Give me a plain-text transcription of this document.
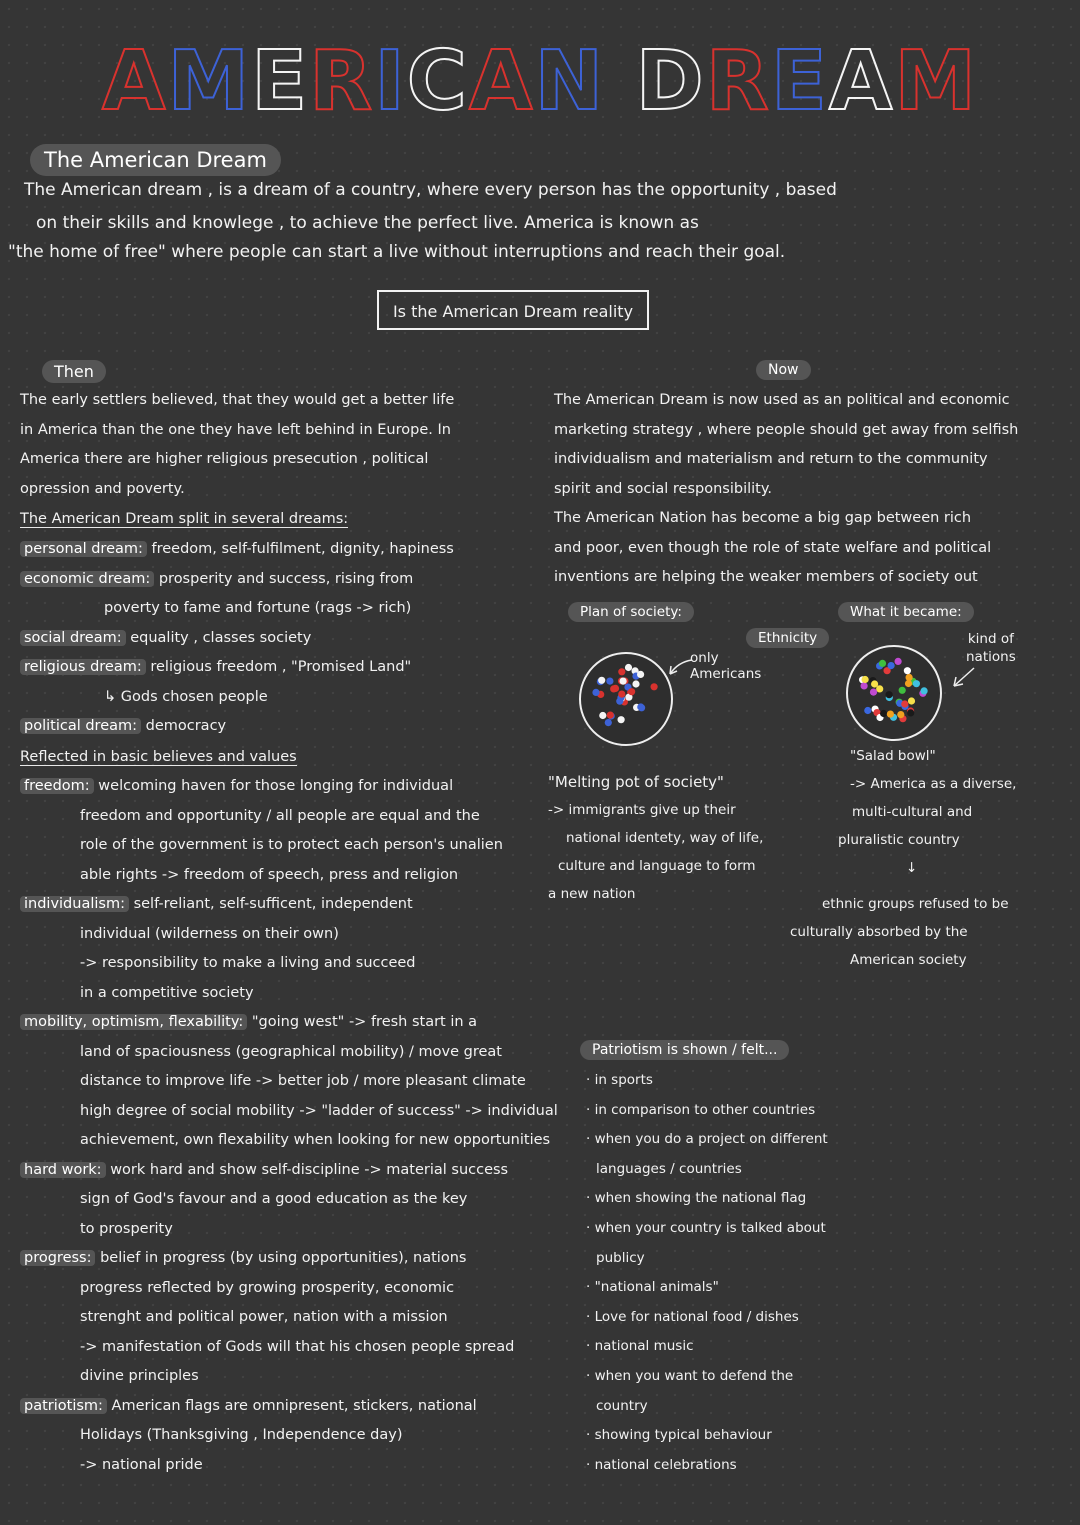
AMERICAN DREAM
The American Dream
The American dream , is a dream of a country, where every person has the opportunity , based
on their skills and knowlege , to achieve the perfect live. America is known as
"the home of free" where people can start a live without interruptions and reach their goal.
Is the American Dream reality
Then
The early settlers believed, that they would get a better life
in America than the one they have left behind in Europe. In
America there are higher religious presecution , political
opression and poverty.
The American Dream split in several dreams:
personal dream: freedom, self-fulfilment, dignity, hapiness
economic dream: prosperity and success, rising from
poverty to fame and fortune (rags -> rich)
social dream: equality , classes society
religious dream: religious freedom , "Promised Land"
↳ Gods chosen people
political dream: democracy
Reflected in basic believes and values
freedom: welcoming haven for those longing for individual
freedom and opportunity / all people are equal and the
role of the government is to protect each person's unalien
able rights -> freedom of speech, press and religion
individualism: self-reliant, self-sufficent, independent
individual (wilderness on their own)
-> responsibility to make a living and succeed
in a competitive society
mobility, optimism, flexability: "going west" -> fresh start in a
land of spaciousness (geographical mobility) / move great
distance to improve life -> better job / more pleasant climate
high degree of social mobility -> "ladder of success" -> individual
achievement, own flexability when looking for new opportunities
hard work: work hard and show self-discipline -> material success
sign of God's favour and a good education as the key
to prosperity
progress: belief in progress (by using opportunities), nations
progress reflected by growing prosperity, economic
strenght and political power, nation with a mission
-> manifestation of Gods will that his chosen people spread
divine principles
patriotism: American flags are omnipresent, stickers, national
Holidays (Thanksgiving , Independence day)
-> national pride
Now
The American Dream is now used as an political and economic
marketing strategy , where people should get away from selfish
individualism and materialism and return to the community
spirit and social responsibility.
The American Nation has become a big gap between rich
and poor, even though the role of state welfare and political
inventions are helping the weaker members of society out
Plan of society:	What it became:
Ethnicity
only
Americans
kind of
nations
"Melting pot of society"
-> immigrants give up their
national identety, way of life,
culture and language to form
a new nation
"Salad bowl"
-> America as a diverse,
multi-cultural and
pluralistic country
↓
ethnic groups refused to be
culturally absorbed by the
American society
Patriotism is shown / felt...
· in sports
· in comparison to other countries
· when you do a project on different
languages / countries
· when showing the national flag
· when your country is talked about
publicy
· "national animals"
· Love for national food / dishes
· national music
· when you want to defend the
country
· showing typical behaviour
· national celebrations
